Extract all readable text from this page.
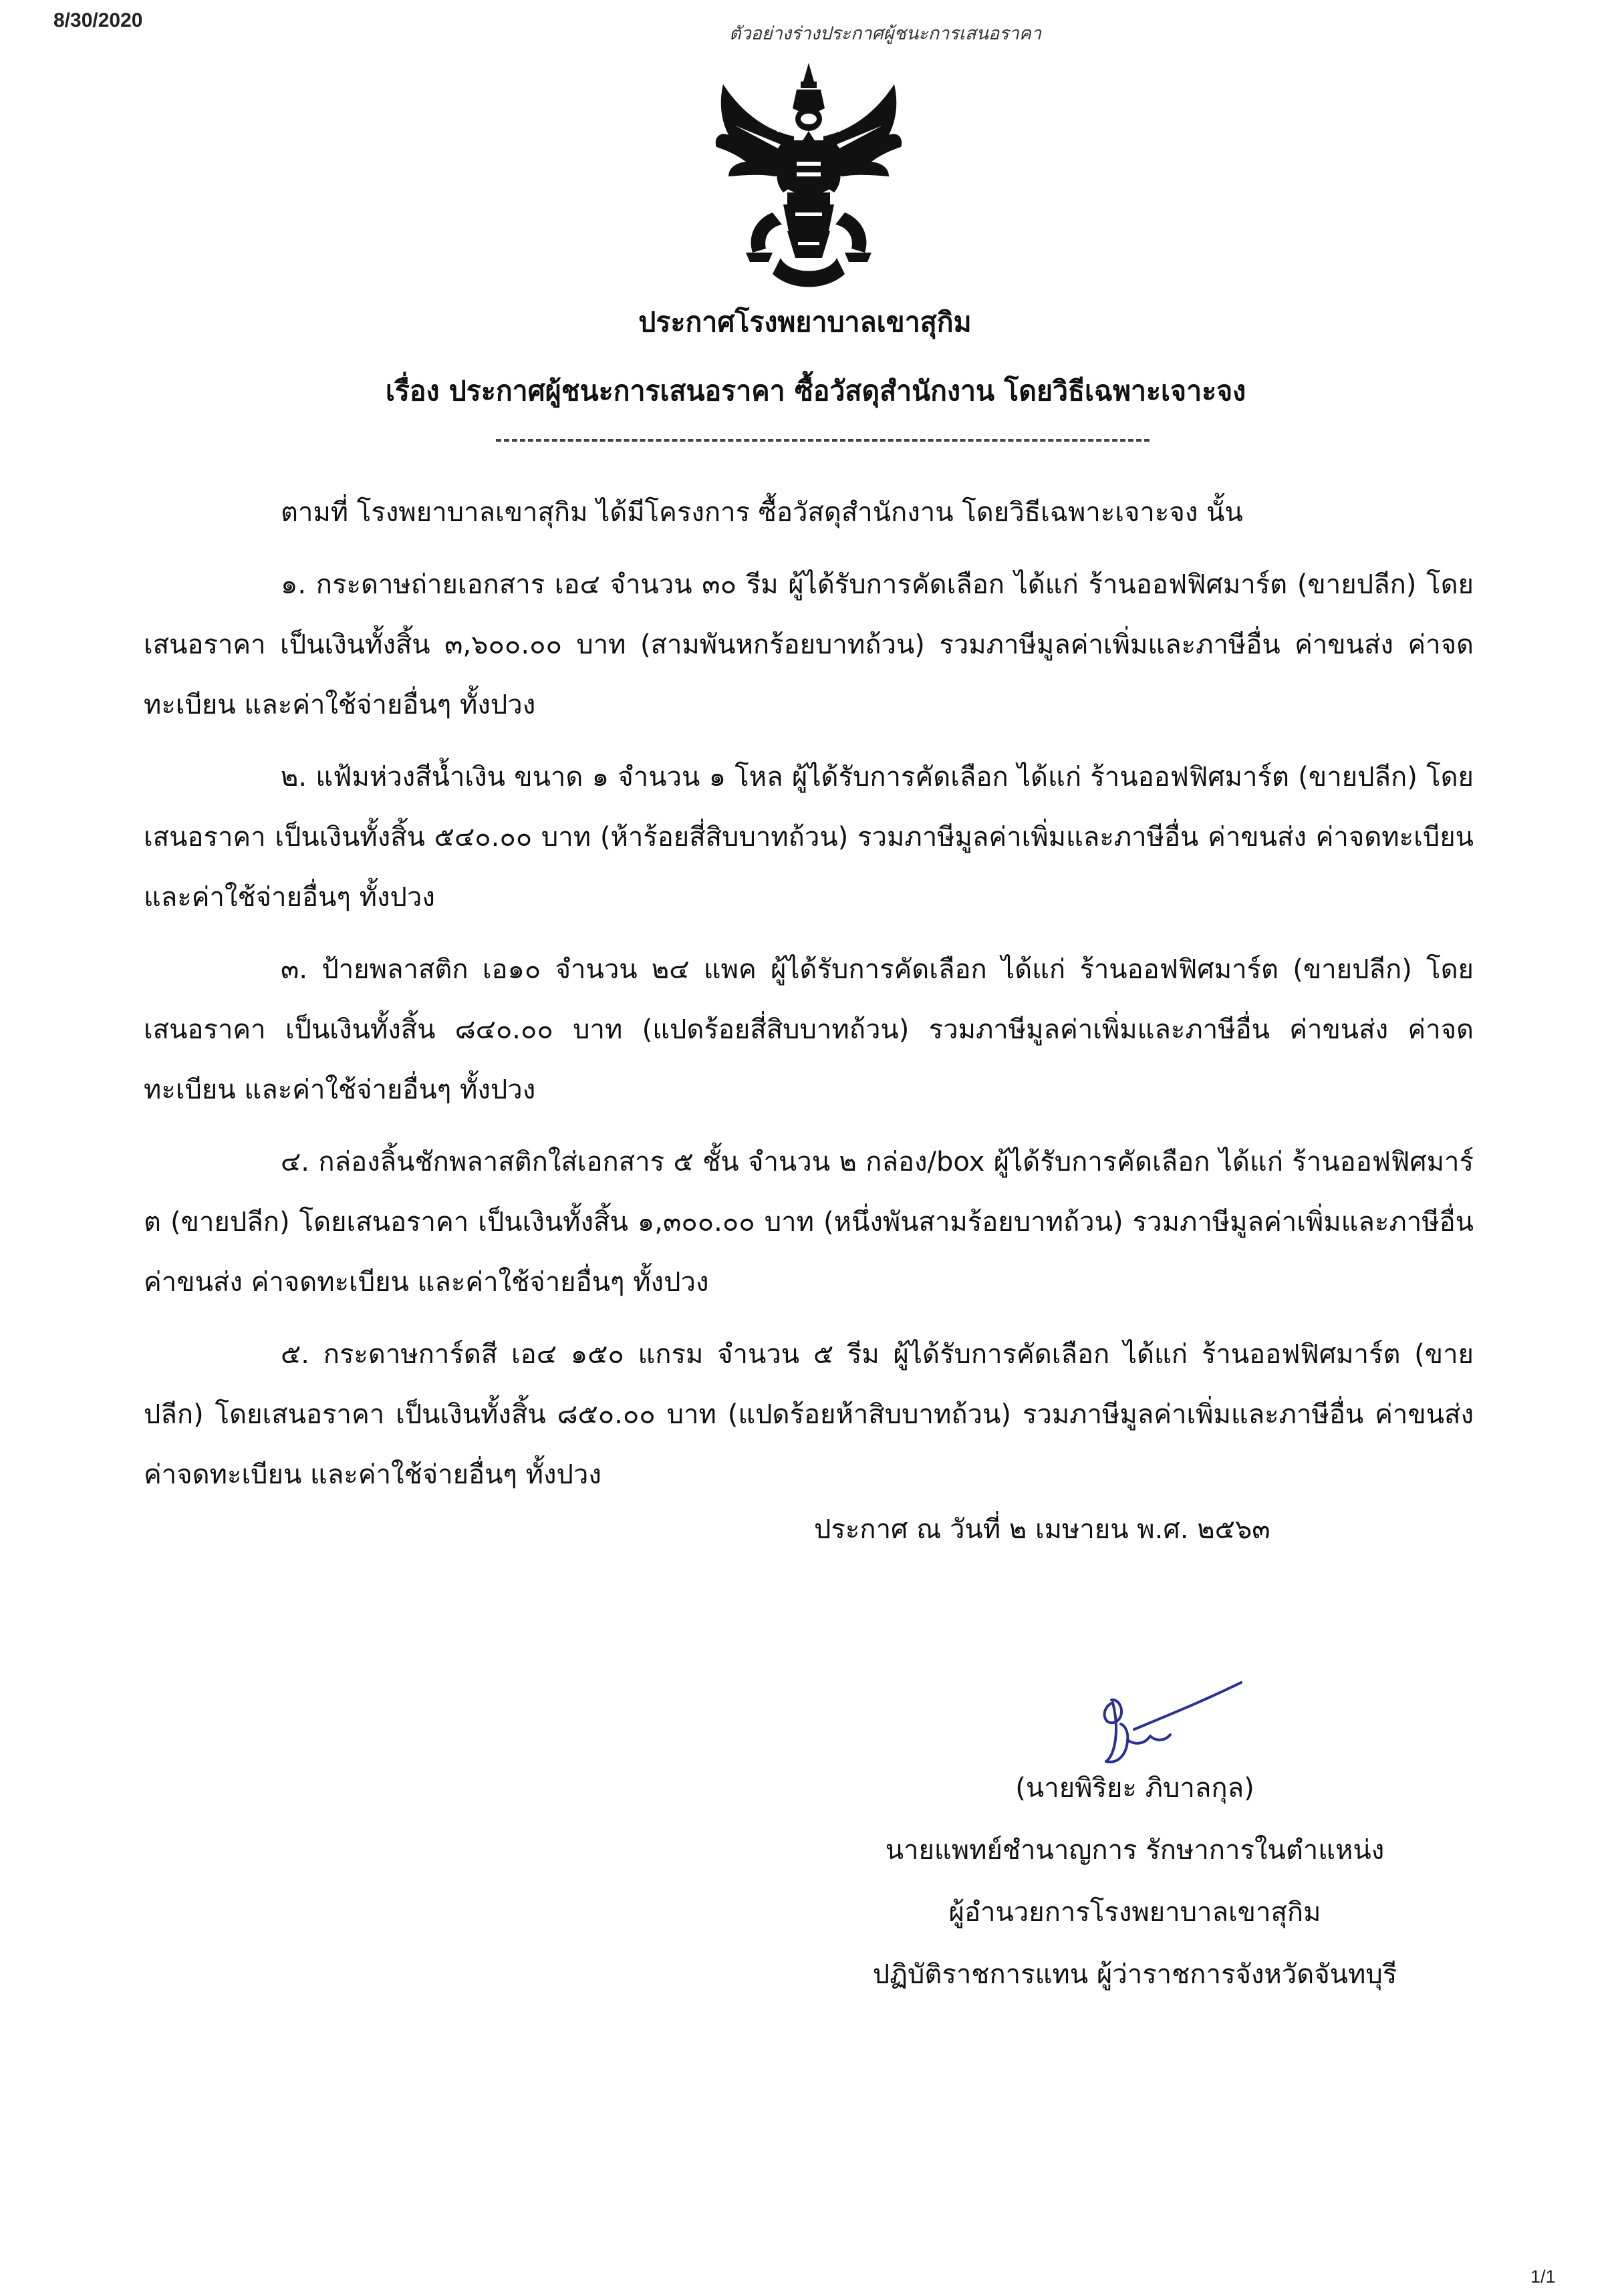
8/30/2020
ตัวอย่างร่างประกาศผู้ชนะการเสนอราคา
ประกาศโรงพยาบาลเขาสุกิม
เรื่อง ประกาศผู้ชนะการเสนอราคา ซื้อวัสดุสำนักงาน โดยวิธีเฉพาะเจาะจง

ตามที่ โรงพยาบาลเขาสุกิม ได้มีโครงการ ซื้อวัสดุสำนักงาน โดยวิธีเฉพาะเจาะจง นั้น

๑. กระดาษถ่ายเอกสาร เอ๔ จำนวน ๓๐ รีม ผู้ได้รับการคัดเลือก ได้แก่ ร้านออฟฟิศมาร์ต (ขายปลีก) โดยเสนอราคา เป็นเงินทั้งสิ้น ๓,๖๐๐.๐๐ บาท (สามพันหกร้อยบาทถ้วน) รวมภาษีมูลค่าเพิ่มและภาษีอื่น ค่าขนส่ง ค่าจดทะเบียน และค่าใช้จ่ายอื่นๆ ทั้งปวง

๒. แฟ้มห่วงสีน้ำเงิน ขนาด ๑ จำนวน ๑ โหล ผู้ได้รับการคัดเลือก ได้แก่ ร้านออฟฟิศมาร์ต (ขายปลีก) โดยเสนอราคา เป็นเงินทั้งสิ้น ๕๔๐.๐๐ บาท (ห้าร้อยสี่สิบบาทถ้วน) รวมภาษีมูลค่าเพิ่มและภาษีอื่น ค่าขนส่ง ค่าจดทะเบียน และค่าใช้จ่ายอื่นๆ ทั้งปวง

๓. ป้ายพลาสติก เอ๑๐ จำนวน ๒๔ แพค ผู้ได้รับการคัดเลือก ได้แก่ ร้านออฟฟิศมาร์ต (ขายปลีก) โดยเสนอราคา เป็นเงินทั้งสิ้น ๘๔๐.๐๐ บาท (แปดร้อยสี่สิบบาทถ้วน) รวมภาษีมูลค่าเพิ่มและภาษีอื่น ค่าขนส่ง ค่าจดทะเบียน และค่าใช้จ่ายอื่นๆ ทั้งปวง

๔. กล่องลิ้นชักพลาสติกใส่เอกสาร ๕ ชั้น จำนวน ๒ กล่อง/box ผู้ได้รับการคัดเลือก ได้แก่ ร้านออฟฟิศมาร์ต (ขายปลีก) โดยเสนอราคา เป็นเงินทั้งสิ้น ๑,๓๐๐.๐๐ บาท (หนึ่งพันสามร้อยบาทถ้วน) รวมภาษีมูลค่าเพิ่มและภาษีอื่น ค่าขนส่ง ค่าจดทะเบียน และค่าใช้จ่ายอื่นๆ ทั้งปวง

๕. กระดาษการ์ดสี เอ๔ ๑๕๐ แกรม จำนวน ๕ รีม ผู้ได้รับการคัดเลือก ได้แก่ ร้านออฟฟิศมาร์ต (ขายปลีก) โดยเสนอราคา เป็นเงินทั้งสิ้น ๘๕๐.๐๐ บาท (แปดร้อยห้าสิบบาทถ้วน) รวมภาษีมูลค่าเพิ่มและภาษีอื่น ค่าขนส่ง ค่าจดทะเบียน และค่าใช้จ่ายอื่นๆ ทั้งปวง

ประกาศ ณ วันที่ ๒ เมษายน พ.ศ. ๒๕๖๓
(นายพิริยะ ภิบาลกุล)
นายแพทย์ชำนาญการ รักษาการในตำแหน่ง
ผู้อำนวยการโรงพยาบาลเขาสุกิม
ปฏิบัติราชการแทน ผู้ว่าราชการจังหวัดจันทบุรี
1/1
